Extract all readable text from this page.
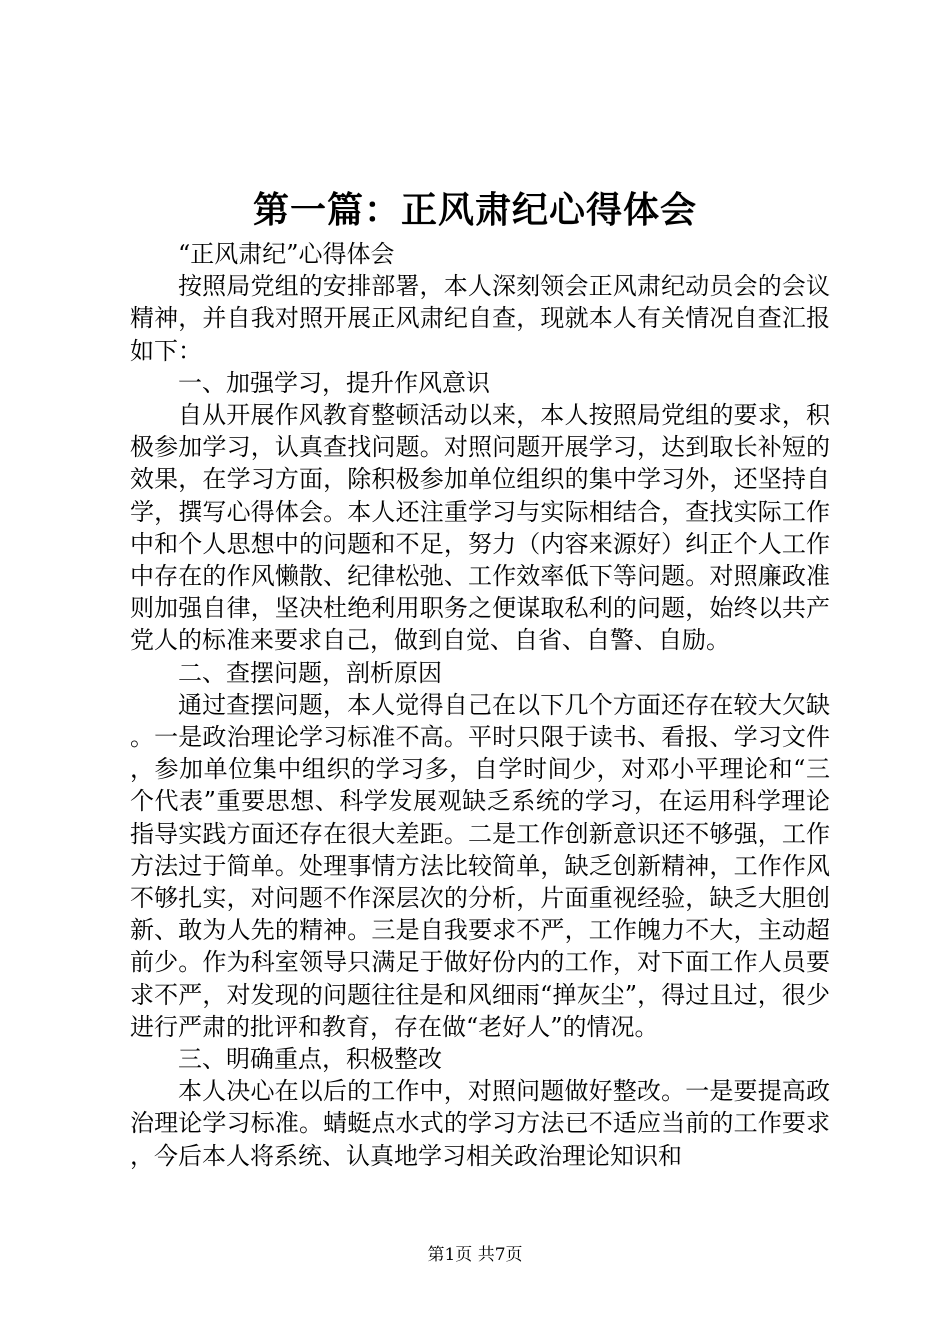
第一篇：正风肃纪心得体会

“正风肃纪”心得体会

按照局党组的安排部署，本人深刻领会正风肃纪动员会的会议精神，并自我对照开展正风肃纪自查，现就本人有关情况自查汇报如下：

一、加强学习，提升作风意识

自从开展作风教育整顿活动以来，本人按照局党组的要求，积极参加学习，认真查找问题。对照问题开展学习，达到取长补短的效果，在学习方面，除积极参加单位组织的集中学习外，还坚持自学，撰写心得体会。本人还注重学习与实际相结合，查找实际工作中和个人思想中的问题和不足，努力（内容来源好）纠正个人工作中存在的作风懒散、纪律松弛、工作效率低下等问题。对照廉政准则加强自律，坚决杜绝利用职务之便谋取私利的问题，始终以共产党人的标准来要求自己，做到自觉、自省、自警、自励。

二、查摆问题，剖析原因

通过查摆问题，本人觉得自己在以下几个方面还存在较大欠缺。一是政治理论学习标准不高。平时只限于读书、看报、学习文件，参加单位集中组织的学习多，自学时间少，对邓小平理论和“三个代表”重要思想、科学发展观缺乏系统的学习，在运用科学理论指导实践方面还存在很大差距。二是工作创新意识还不够强，工作方法过于简单。处理事情方法比较简单，缺乏创新精神，工作作风不够扎实，对问题不作深层次的分析，片面重视经验，缺乏大胆创新、敢为人先的精神。三是自我要求不严，工作魄力不大，主动超前少。作为科室领导只满足于做好份内的工作，对下面工作人员要求不严，对发现的问题往往是和风细雨“掸灰尘”，得过且过，很少进行严肃的批评和教育，存在做“老好人”的情况。

三、明确重点，积极整改

本人决心在以后的工作中，对照问题做好整改。一是要提高政治理论学习标准。蜻蜓点水式的学习方法已不适应当前的工作要求，今后本人将系统、认真地学习相关政治理论知识和

第1页 共7页
